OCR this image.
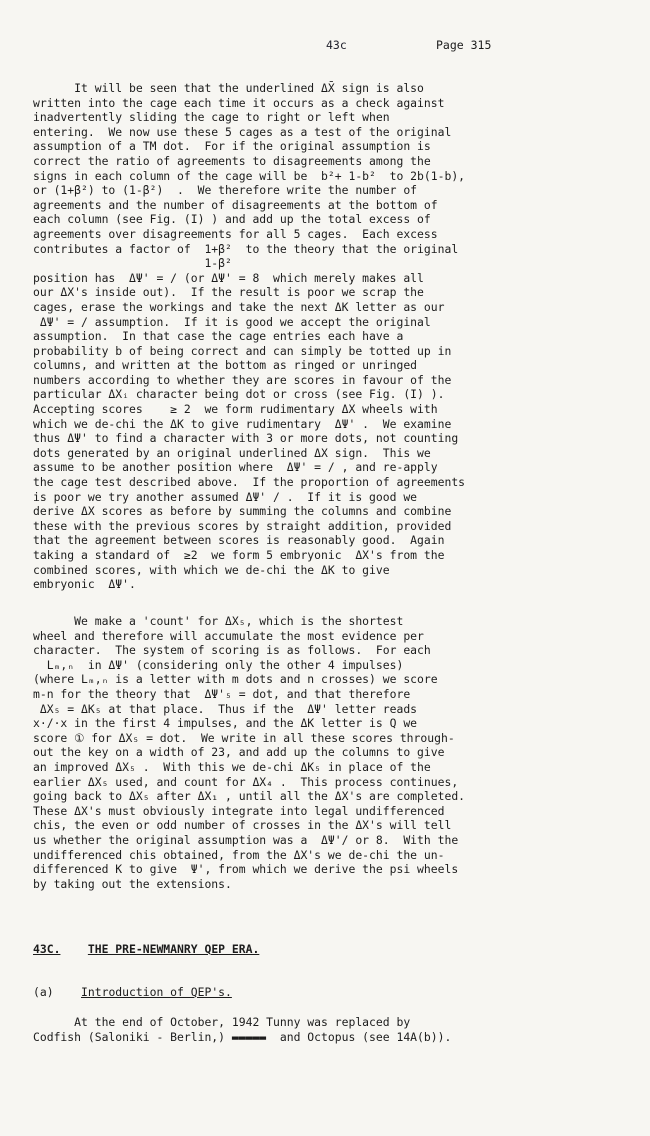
43c	Page 315
It will be seen that the underlined ΔX̄ sign is also
written into the cage each time it occurs as a check against
inadvertently sliding the cage to right or left when
entering.  We now use these 5 cages as a test of the original
assumption of a TM dot.  For if the original assumption is
correct the ratio of agreements to disagreements among the
signs in each column of the cage will be  b²+ 1-b²  to 2b(1-b),
or (1+β²) to (1-β²)  .  We therefore write the number of
agreements and the number of disagreements at the bottom of
each column (see Fig. (I) ) and add up the total excess of
agreements over disagreements for all 5 cages.  Each excess
contributes a factor of  1+β²  to the theory that the original
1-β²
position has  ΔΨ' = / (or ΔΨ' = 8  which merely makes all
our ΔX's inside out).  If the result is poor we scrap the
cages, erase the workings and take the next ΔK letter as our
ΔΨ' = / assumption.  If it is good we accept the original
assumption.  In that case the cage entries each have a
probability b of being correct and can simply be totted up in
columns, and written at the bottom as ringed or unringed
numbers according to whether they are scores in favour of the
particular ΔXᵢ character being dot or cross (see Fig. (I) ).
Accepting scores    ≥ 2  we form rudimentary ΔX wheels with
which we de-chi the ΔK to give rudimentary  ΔΨ' .  We examine
thus ΔΨ' to find a character with 3 or more dots, not counting
dots generated by an original underlined ΔX sign.  This we
assume to be another position where  ΔΨ' = / , and re-apply
the cage test described above.  If the proportion of agreements
is poor we try another assumed ΔΨ' / .  If it is good we
derive ΔX scores as before by summing the columns and combine
these with the previous scores by straight addition, provided
that the agreement between scores is reasonably good.  Again
taking a standard of  ≥2  we form 5 embryonic  ΔX's from the
combined scores, with which we de-chi the ΔK to give
embryonic  ΔΨ'.
We make a 'count' for ΔX₅, which is the shortest
wheel and therefore will accumulate the most evidence per
character.  The system of scoring is as follows.  For each
Lₘ,ₙ  in ΔΨ' (considering only the other 4 impulses)
(where Lₘ,ₙ is a letter with m dots and n crosses) we score
m-n for the theory that  ΔΨ'₅ = dot, and that therefore
ΔX₅ = ΔK₅ at that place.  Thus if the  ΔΨ' letter reads
x·/·x in the first 4 impulses, and the ΔK letter is Q we
score ① for ΔX₅ = dot.  We write in all these scores through-
out the key on a width of 23, and add up the columns to give
an improved ΔX₅ .  With this we de-chi ΔK₅ in place of the
earlier ΔX₅ used, and count for ΔX₄ .  This process continues,
going back to ΔX₅ after ΔX₁ , until all the ΔX's are completed.
These ΔX's must obviously integrate into legal undifferenced
chis, the even or odd number of crosses in the ΔX's will tell
us whether the original assumption was a  ΔΨ'/ or 8.  With the
undifferenced chis obtained, from the ΔX's we de-chi the un-
differenced K to give  Ψ', from which we derive the psi wheels
by taking out the extensions.
43C. THE PRE-NEWMANRY QEP ERA.
(a) Introduction of QEP's.
At the end of October, 1942 Tunny was replaced by
Codfish (Saloniki - Berlin,) ▬▬▬▬▬  and Octopus (see 14A(b)).
